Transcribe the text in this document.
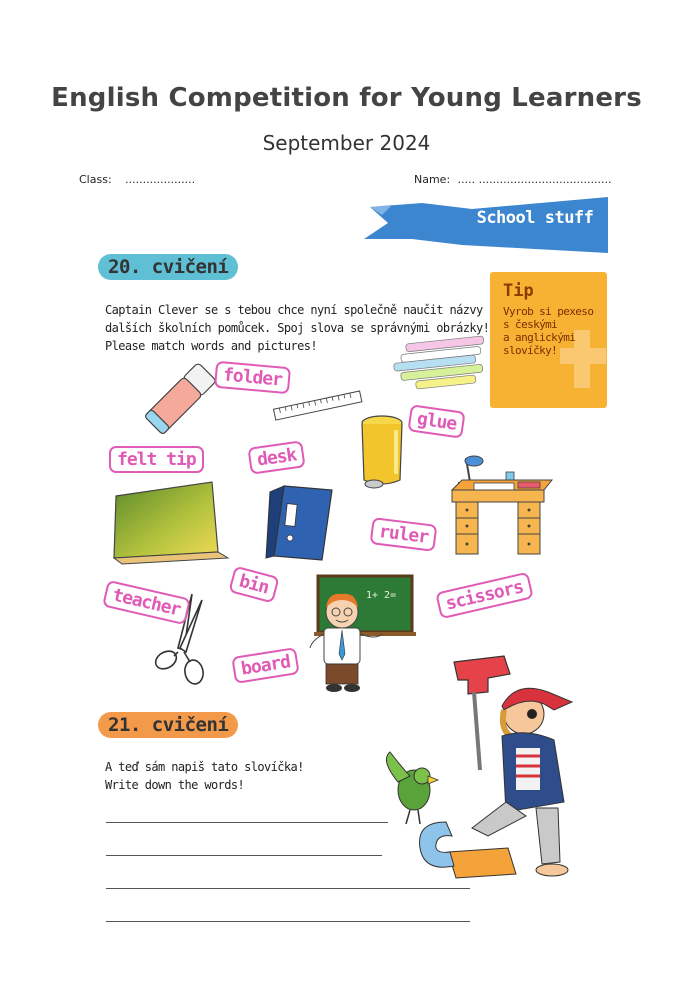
English Competition for Young Learners
September 2024
Class: ....................	Name: ..... ......................................
School stuff
20. cvičení
Captain Clever se s tebou chce nyní společně naučit názvy
dalších školních pomůcek. Spoj slova se správnými obrázky!
Please match words and pictures!
Tip
Vyrob si pexeso
s českými
a anglickými
slovíčky!
1+ 2=
folder
glue
felt tip	desk
ruler
bin
teacher	scissors
board
21. cvičení
A teď sám napiš tato slovíčka!
Write down the words!
